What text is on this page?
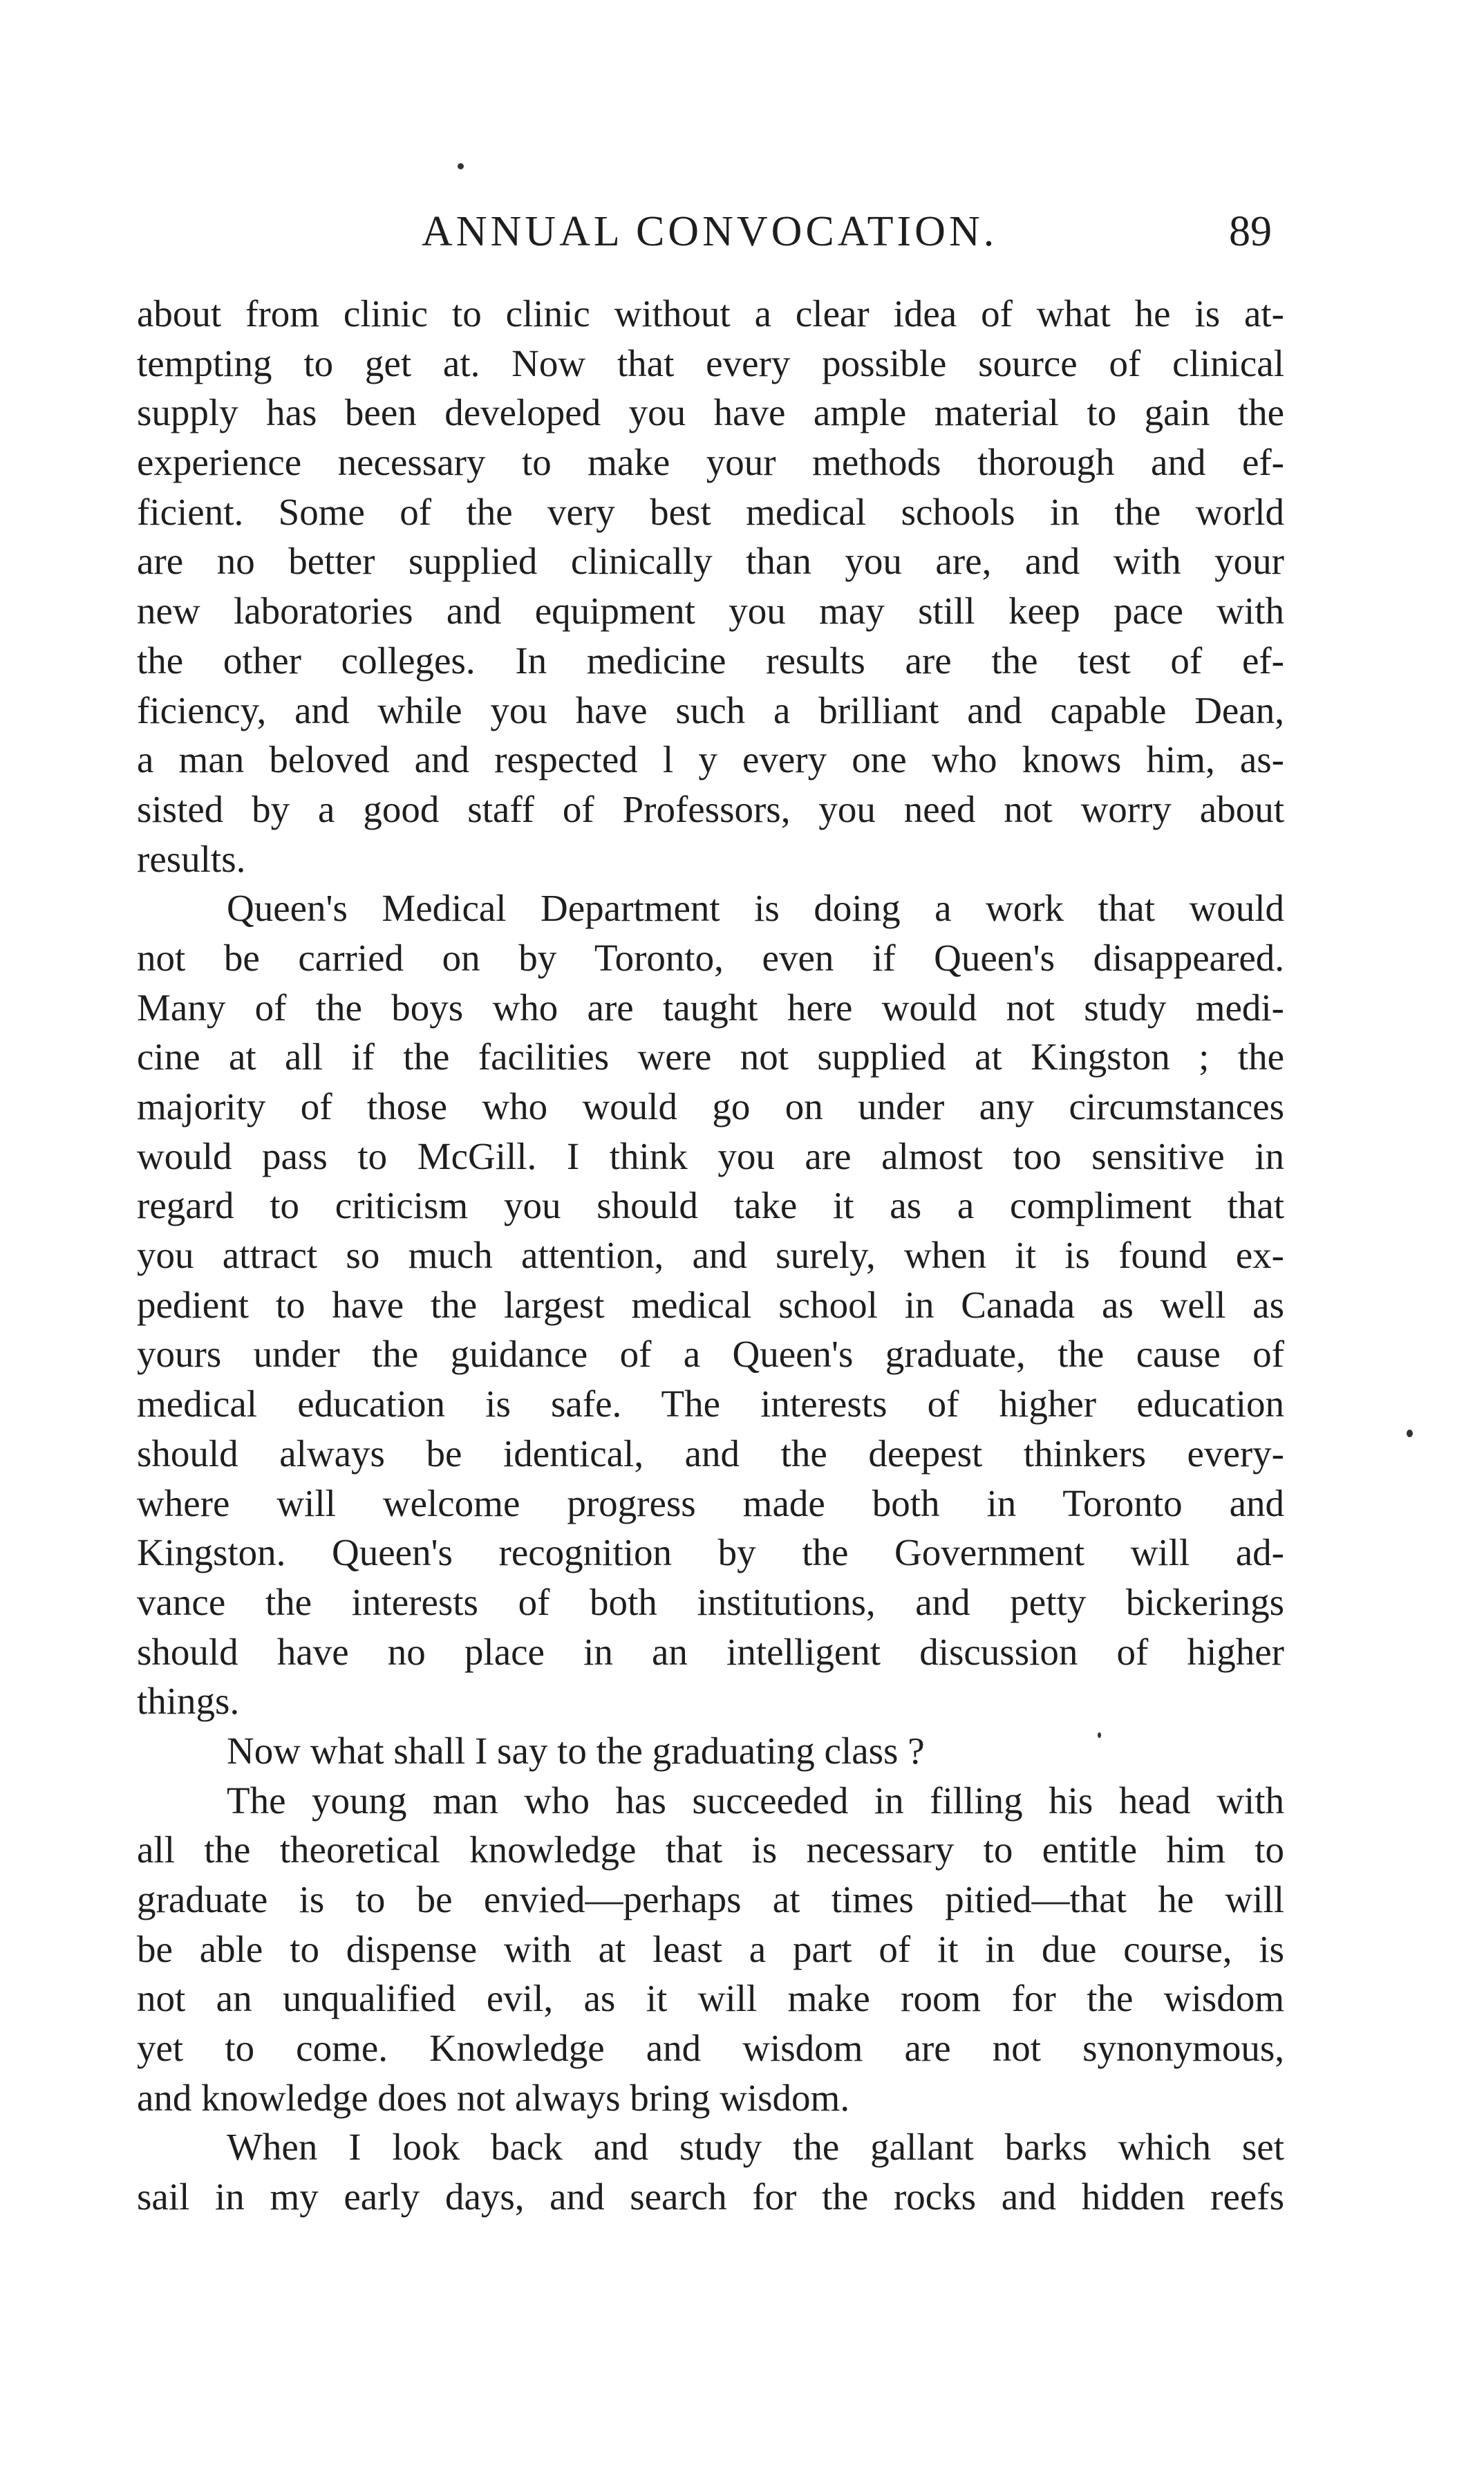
ANNUAL CONVOCATION.	89
about from clinic to clinic without a clear idea of what he is at-
tempting to get at. Now that every possible source of clinical
supply has been developed you have ample material to gain the
experience necessary to make your methods thorough and ef-
ficient. Some of the very best medical schools in the world
are no better supplied clinically than you are, and with your
new laboratories and equipment you may still keep pace with
the other colleges. In medicine results are the test of ef-
ficiency, and while you have such a brilliant and capable Dean,
a man beloved and respected l y every one who knows him, as-
sisted by a good staff of Professors, you need not worry about
results.
Queen's Medical Department is doing a work that would
not be carried on by Toronto, even if Queen's disappeared.
Many of the boys who are taught here would not study medi-
cine at all if the facilities were not supplied at Kingston ; the
majority of those who would go on under any circumstances
would pass to McGill. I think you are almost too sensitive in
regard to criticism you should take it as a compliment that
you attract so much attention, and surely, when it is found ex-
pedient to have the largest medical school in Canada as well as
yours under the guidance of a Queen's graduate, the cause of
medical education is safe. The interests of higher education
should always be identical, and the deepest thinkers every-
where will welcome progress made both in Toronto and
Kingston. Queen's recognition by the Government will ad-
vance the interests of both institutions, and petty bickerings
should have no place in an intelligent discussion of higher
things.
Now what shall I say to the graduating class ?
The young man who has succeeded in filling his head with
all the theoretical knowledge that is necessary to entitle him to
graduate is to be envied—perhaps at times pitied—that he will
be able to dispense with at least a part of it in due course, is
not an unqualified evil, as it will make room for the wisdom
yet to come. Knowledge and wisdom are not synonymous,
and knowledge does not always bring wisdom.
When I look back and study the gallant barks which set
sail in my early days, and search for the rocks and hidden reefs
